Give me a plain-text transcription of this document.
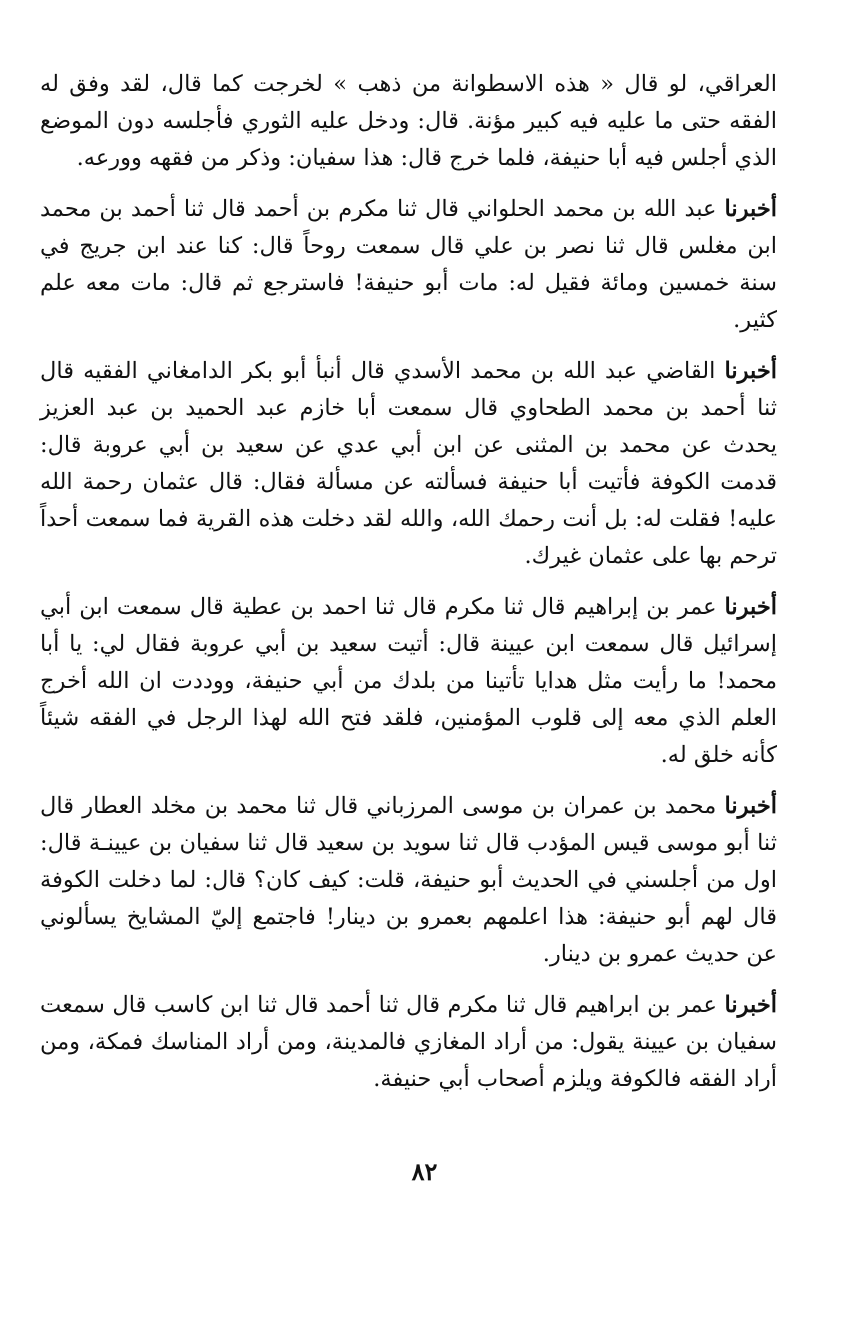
العراقي، لو قال « هذه الاسطوانة من ذهب » لخرجت كما قال، لقد وفق له الفقه حتى ما عليه فيه كبير مؤنة. قال: ودخل عليه الثوري فأجلسه دون الموضع الذي أجلس فيه أبا حنيفة، فلما خرج قال: هذا سفيان: وذكر من فقهه وورعه.

أخبرنا عبد الله بن محمد الحلواني قال ثنا مكرم بن أحمد قال ثنا أحمد بن محمد ابن مغلس قال ثنا نصر بن علي قال سمعت روحاً قال: كنا عند ابن جريج في سنة خمسين ومائة فقيل له: مات أبو حنيفة! فاسترجع ثم قال: مات معه علم كثير.

أخبرنا القاضي عبد الله بن محمد الأسدي قال أنبأ أبو بكر الدامغاني الفقيه قال ثنا أحمد بن محمد الطحاوي قال سمعت أبا خازم عبد الحميد بن عبد العزيز يحدث عن محمد بن المثنى عن ابن أبي عدي عن سعيد بن أبي عروبة قال: قدمت الكوفة فأتيت أبا حنيفة فسألته عن مسألة فقال: قال عثمان رحمة الله عليه! فقلت له: بل أنت رحمك الله، والله لقد دخلت هذه القرية فما سمعت أحداً ترحم بها على عثمان غيرك.

أخبرنا عمر بن إبراهيم قال ثنا مكرم قال ثنا احمد بن عطية قال سمعت ابن أبي إسرائيل قال سمعت ابن عيينة قال: أتيت سعيد بن أبي عروبة فقال لي: يا أبا محمد! ما رأيت مثل هدايا تأتينا من بلدك من أبي حنيفة، ووددت ان الله أخرج العلم الذي معه إلى قلوب المؤمنين، فلقد فتح الله لهذا الرجل في الفقه شيئاً كأنه خلق له.

أخبرنا محمد بن عمران بن موسى المرزباني قال ثنا محمد بن مخلد العطار قال ثنا أبو موسى قيس المؤدب قال ثنا سويد بن سعيد قال ثنا سفيان بن عيينـة قال: اول من أجلسني في الحديث أبو حنيفة، قلت: كيف كان؟ قال: لما دخلت الكوفة قال لهم أبو حنيفة: هذا اعلمهم بعمرو بن دينار! فاجتمع إليّ المشايخ يسألوني عن حديث عمرو بن دينار.

أخبرنا عمر بن ابراهيم قال ثنا مكرم قال ثنا أحمد قال ثنا ابن كاسب قال سمعت سفيان بن عيينة يقول: من أراد المغازي فالمدينة، ومن أراد المناسك فمكة، ومن أراد الفقه فالكوفة ويلزم أصحاب أبي حنيفة.

٨٢
